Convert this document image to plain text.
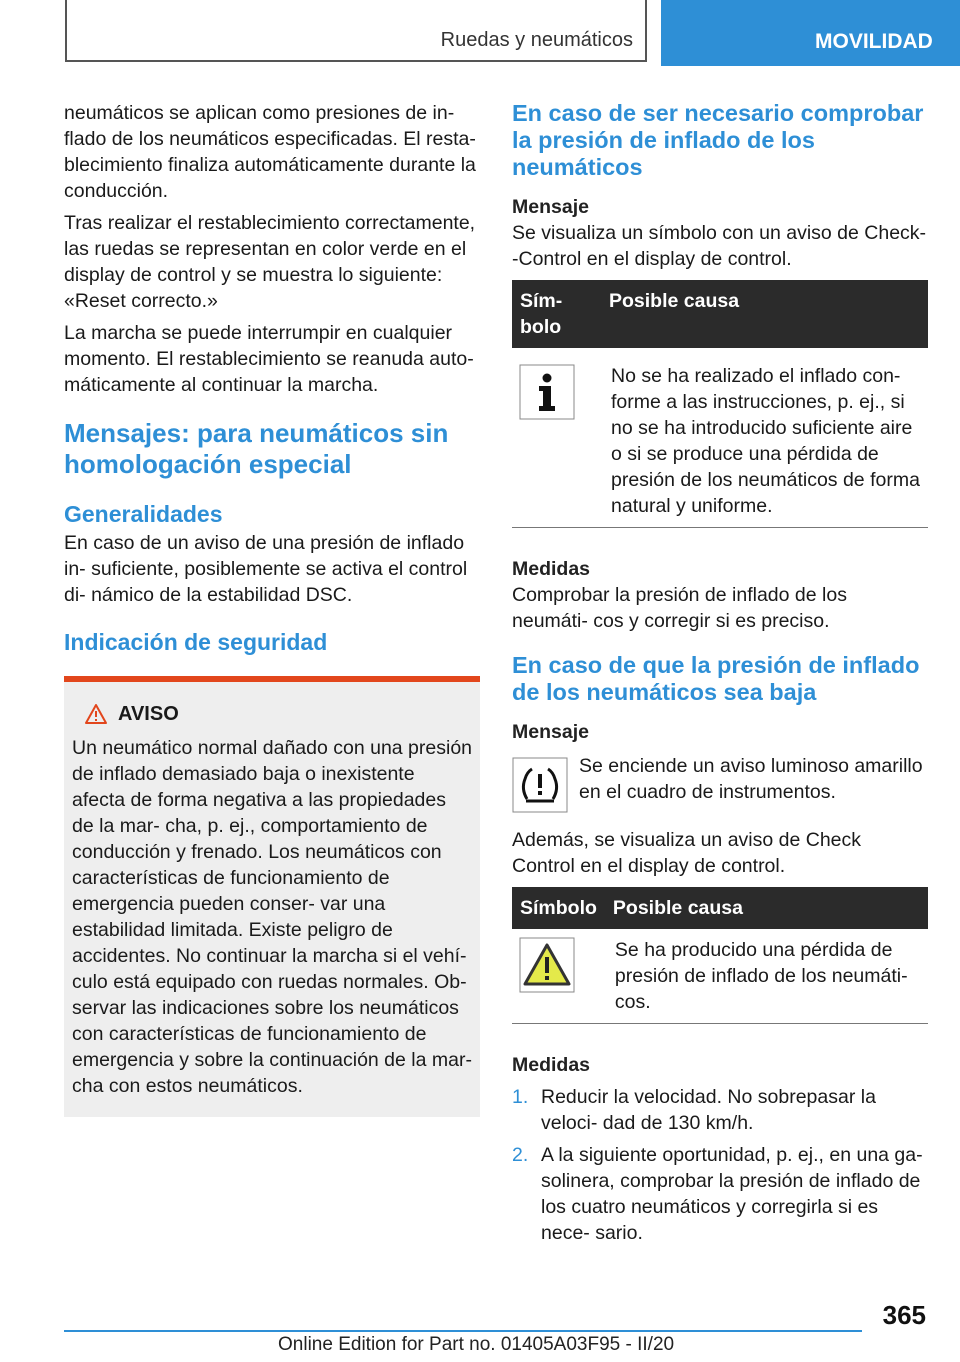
Ruedas y neumáticos	MOVILIDAD

neumáticos se aplican como presiones de in‐ flado de los neumáticos especificadas. El resta‐ blecimiento finaliza automáticamente durante la conducción.

Tras realizar el restablecimiento correctamente, las ruedas se representan en color verde en el display de control y se muestra lo siguiente: «Reset correcto.»

La marcha se puede interrumpir en cualquier momento. El restablecimiento se reanuda auto‐ máticamente al continuar la marcha.

Mensajes: para neumáticos sin homologación especial
Generalidades

En caso de un aviso de una presión de inflado in‐ suficiente, posiblemente se activa el control di‐ námico de la estabilidad DSC.

Indicación de seguridad
AVISO

Un neumático normal dañado con una presión de inflado demasiado baja o inexistente afecta de forma negativa a las propiedades de la mar‐ cha, p. ej., comportamiento de conducción y frenado. Los neumáticos con características de funcionamiento de emergencia pueden conser‐ var una estabilidad limitada. Existe peligro de accidentes. No continuar la marcha si el vehí‐ culo está equipado con ruedas normales. Ob‐ servar las indicaciones sobre los neumáticos con características de funcionamiento de emergencia y sobre la continuación de la mar‐ cha con estos neumáticos.

En caso de ser necesario comprobar la presión de inflado de los neumáticos
Mensaje

Se visualiza un símbolo con un aviso de Check‐ -Control en el display de control.

Sím‐ bolo	Posible causa
	No se ha realizado el inflado con‐ forme a las instrucciones, p. ej., si no se ha introducido suficiente aire o si se produce una pérdida de presión de los neumáticos de forma natural y uniforme.
Medidas

Comprobar la presión de inflado de los neumáti‐ cos y corregir si es preciso.

En caso de que la presión de inflado de los neumáticos sea baja
Mensaje

Se enciende un aviso luminoso amarillo en el cuadro de instrumentos.

Además, se visualiza un aviso de Check Control en el display de control.

Símbolo	Posible causa
	Se ha producido una pérdida de presión de inflado de los neumáti‐ cos.
Medidas
1. Reducir la velocidad. No sobrepasar la veloci‐ dad de 130 km/h.
2. A la siguiente oportunidad, p. ej., en una ga‐ solinera, comprobar la presión de inflado de los cuatro neumáticos y corregirla si es nece‐ sario.
365
Online Edition for Part no. 01405A03F95 - II/20
